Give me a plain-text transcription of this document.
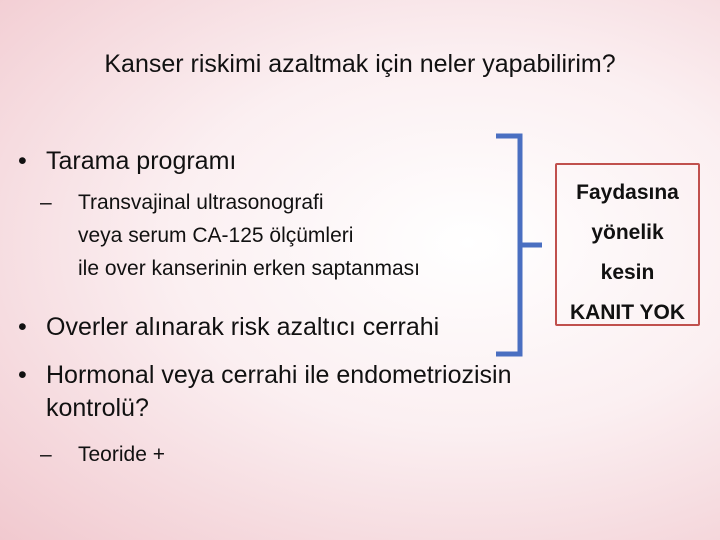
Kanser riskimi azaltmak için neler yapabilirim?
• Tarama programı
– Transvajinal ultrasonografi
veya serum CA-125 ölçümleri
ile over kanserinin erken saptanması
• Overler alınarak risk azaltıcı cerrahi
• Hormonal veya cerrahi ile endometriozisin
kontrolü?
– Teoride +
Faydasına
yönelik
kesin
KANIT YOK
